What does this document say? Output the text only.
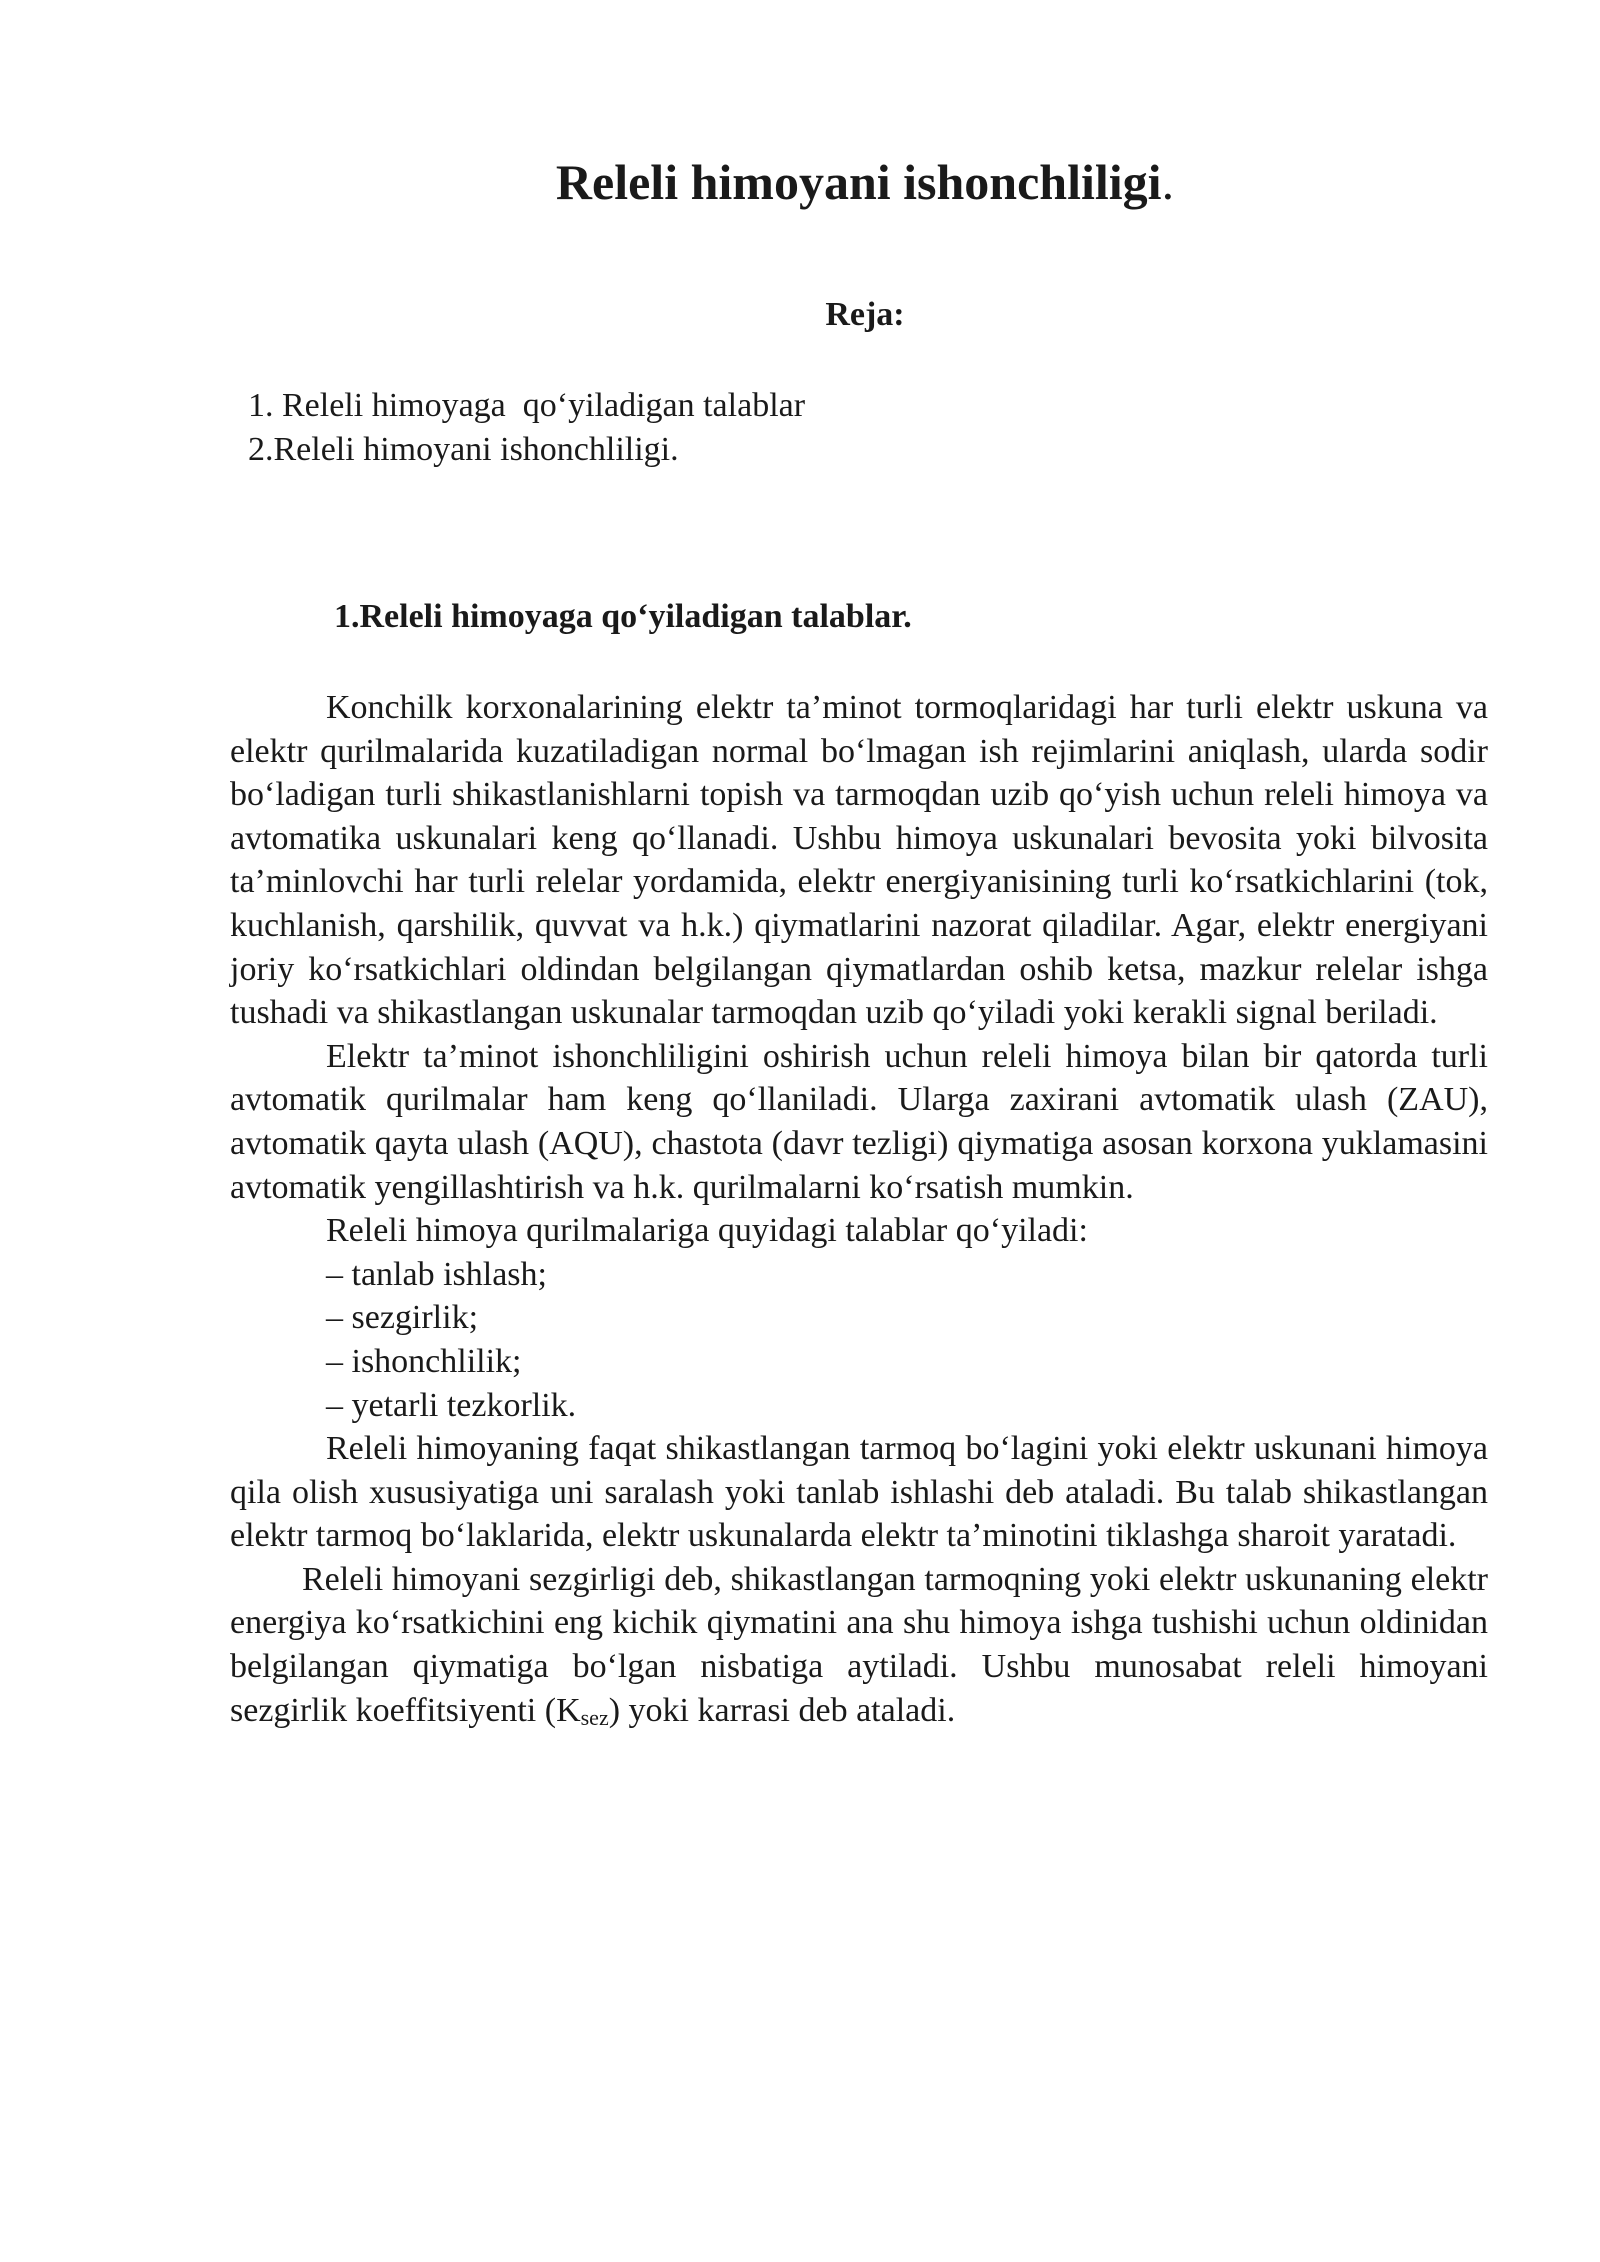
Releli himoyani ishonchliligi.
Reja:
1. Releli himoyaga  qo‘yiladigan talablar
2.Releli himoyani ishonchliligi.
1.Releli himoyaga qo‘yiladigan talablar.

Konchilk korxonalarining elektr ta’minot tormoqlaridagi har turli elektr uskuna va elektr qurilmalarida kuzatiladigan normal bo‘lmagan ish rejimlarini aniqlash, ularda sodir bo‘ladigan turli shikastlanishlarni topish va tarmoqdan uzib qo‘yish uchun releli himoya va avtomatika uskunalari keng qo‘llanadi. Ushbu himoya uskunalari bevosita yoki bilvosita ta’minlovchi har turli relelar yordamida, elektr energiyanisining turli ko‘rsatkichlarini (tok, kuchlanish, qarshilik, quvvat va h.k.) qiymatlarini nazorat qiladilar. Agar, elektr energiyani joriy ko‘rsatkichlari oldindan belgilangan qiymatlardan oshib ketsa, mazkur relelar ishga tushadi va shikastlangan uskunalar tarmoqdan uzib qo‘yiladi yoki kerakli signal beriladi.

Elektr ta’minot ishonchliligini oshirish uchun releli himoya bilan bir qatorda turli avtomatik qurilmalar ham keng qo‘llaniladi. Ularga zaxirani avtomatik ulash (ZAU), avtomatik qayta ulash (AQU), chastota (davr tezligi) qiymatiga asosan korxona yuklamasini avtomatik yengillashtirish va h.k. qurilmalarni ko‘rsatish mumkin.

Releli himoya qurilmalariga quyidagi talablar qo‘yiladi:

– tanlab ishlash;

– sezgirlik;

– ishonchlilik;

– yetarli tezkorlik.

Releli himoyaning faqat shikastlangan tarmoq bo‘lagini yoki elektr uskunani himoya qila olish xususiyatiga uni saralash yoki tanlab ishlashi deb ataladi. Bu talab shikastlangan elektr tarmoq bo‘laklarida, elektr uskunalarda elektr ta’minotini tiklashga sharoit yaratadi.

Releli himoyani sezgirligi deb, shikastlangan tarmoqning yoki elektr uskunaning elektr energiya ko‘rsatkichini eng kichik qiymatini ana shu himoya ishga tushishi uchun oldinidan belgilangan qiymatiga bo‘lgan nisbatiga aytiladi. Ushbu munosabat releli himoyani sezgirlik koeffitsiyenti $(K_{sez})$ yoki karrasi deb ataladi.
